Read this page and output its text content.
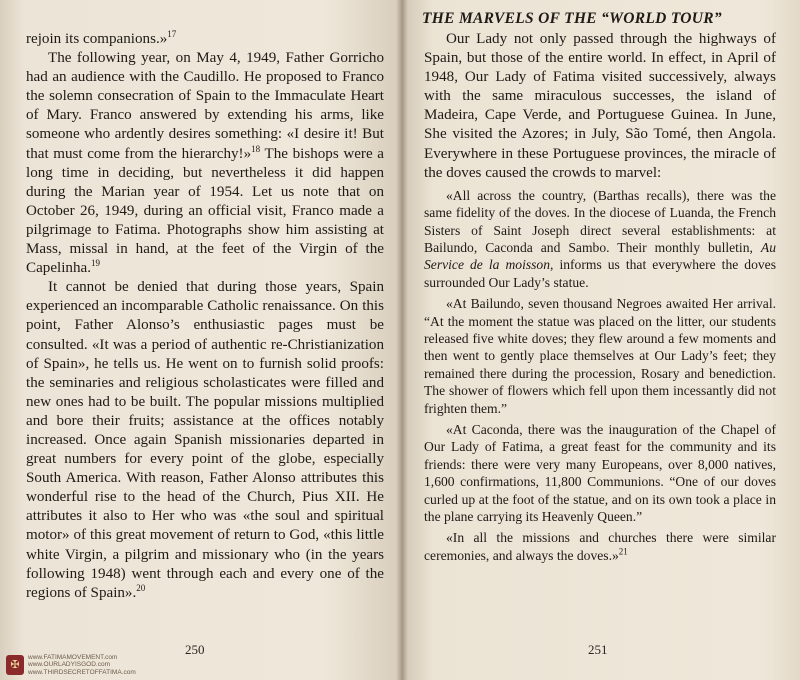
rejoin its companions.»$^{17}$

The following year, on May 4, 1949, Father Gorricho had an audience with the Caudillo. He proposed to Franco the solemn consecration of Spain to the Immaculate Heart of Mary. Franco answered by extending his arms, like someone who ardently desires something: «I desire it! But that must come from the hierarchy!»$^{18}$ The bishops were a long time in deciding, but nevertheless it did happen during the Marian year of 1954. Let us note that on October 26, 1949, during an official visit, Franco made a pilgrimage to Fatima. Photographs show him assisting at Mass, missal in hand, at the feet of the Virgin of the Capelinha.$^{19}$

It cannot be denied that during those years, Spain experienced an incomparable Catholic renaissance. On this point, Father Alonso’s enthusiastic pages must be consulted. «It was a period of authentic re-Christianization of Spain», he tells us. He went on to furnish solid proofs: the seminaries and religious scholasticates were filled and new ones had to be built. The popular missions multiplied and bore their fruits; assistance at the offices notably increased. Once again Spanish missionaries departed in great numbers for every point of the globe, especially South America. With reason, Father Alonso attributes this wonderful rise to the head of the Church, Pius XII. He attributes it also to Her who was «the soul and spiritual motor» of this great movement of return to God, «this little white Virgin, a pilgrim and missionary who (in the years following 1948) went through each and every one of the regions of Spain».$^{20}$

250
✠
www.FATIMAMOVEMENT.com
www.OURLADYISGOD.com
www.THIRDSECRETOFFATIMA.com

THE MARVELS OF THE “WORLD TOUR”

Our Lady not only passed through the highways of Spain, but those of the entire world. In effect, in April of 1948, Our Lady of Fatima visited successively, always with the same miraculous successes, the island of Madeira, Cape Verde, and Portuguese Guinea. In June, She visited the Azores; in July, São Tomé, then Angola. Everywhere in these Portuguese provinces, the miracle of the doves caused the crowds to marvel:

«All across the country, (Barthas recalls), there was the same fidelity of the doves. In the diocese of Luanda, the French Sisters of Saint Joseph direct several establishments: at Bailundo, Caconda and Sambo. Their monthly bulletin, Au Service de la moisson, informs us that everywhere the doves surrounded Our Lady’s statue.

«At Bailundo, seven thousand Negroes awaited Her arrival. “At the moment the statue was placed on the litter, our students released five white doves; they flew around a few moments and then went to gently place themselves at Our Lady’s feet; they remained there during the procession, Rosary and benediction. The shower of flowers which fell upon them incessantly did not frighten them.”

«At Caconda, there was the inauguration of the Chapel of Our Lady of Fatima, a great feast for the community and its friends: there were very many Europeans, over 8,000 natives, 1,600 confirmations, 11,800 Communions. “One of our doves curled up at the foot of the statue, and on its own took a place in the plane carrying its Heavenly Queen.”

«In all the missions and churches there were similar ceremonies, and always the doves.»$^{21}$

251
